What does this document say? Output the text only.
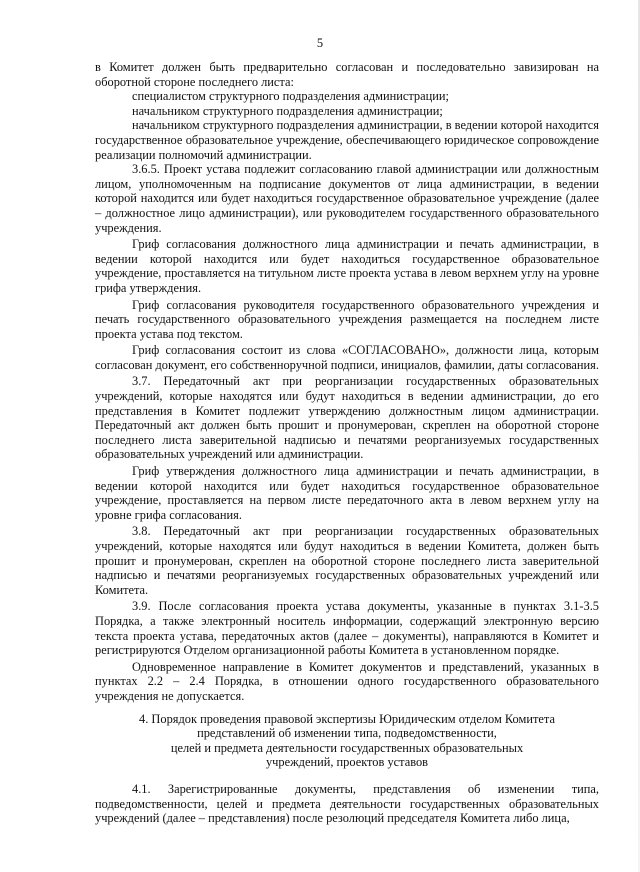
5

в Комитет должен быть предварительно согласован и последовательно завизирован на оборотной стороне последнего листа:

специалистом структурного подразделения администрации;

начальником структурного подразделения администрации;

начальником структурного подразделения администрации, в ведении которой находится государственное образовательное учреждение, обеспечивающего юридическое сопровождение реализации полномочий администрации.

3.6.5. Проект устава подлежит согласованию главой администрации или должностным лицом, уполномоченным на подписание документов от лица администрации, в ведении которой находится или будет находиться государственное образовательное учреждение (далее – должностное лицо администрации), или руководителем государственного образовательного учреждения.

Гриф согласования должностного лица администрации и печать администрации, в ведении которой находится или будет находиться государственное образовательное учреждение, проставляется на титульном листе проекта устава в левом верхнем углу на уровне грифа утверждения.

Гриф согласования руководителя государственного образовательного учреждения и печать государственного образовательного учреждения размещается на последнем листе проекта устава под текстом.

Гриф согласования состоит из слова «СОГЛАСОВАНО», должности лица, которым согласован документ, его собственноручной подписи, инициалов, фамилии, даты согласования.

3.7. Передаточный акт при реорганизации государственных образовательных учреждений, которые находятся или будут находиться в ведении администрации, до его представления в Комитет подлежит утверждению должностным лицом администрации. Передаточный акт должен быть прошит и пронумерован, скреплен на оборотной стороне последнего листа заверительной надписью и печатями реорганизуемых государственных образовательных учреждений или администрации.

Гриф утверждения должностного лица администрации и печать администрации, в ведении которой находится или будет находиться государственное образовательное учреждение, проставляется на первом листе передаточного акта в левом верхнем углу на уровне грифа согласования.

3.8. Передаточный акт при реорганизации государственных образовательных учреждений, которые находятся или будут находиться в ведении Комитета, должен быть прошит и пронумерован, скреплен на оборотной стороне последнего листа заверительной надписью и печатями реорганизуемых государственных образовательных учреждений или Комитета.

3.9. После согласования проекта устава документы, указанные в пунктах 3.1-3.5 Порядка, а также электронный носитель информации, содержащий электронную версию текста проекта устава, передаточных актов (далее – документы), направляются в Комитет и регистрируются Отделом организационной работы Комитета в установленном порядке.

Одновременное направление в Комитет документов и представлений, указанных в пунктах 2.2 – 2.4 Порядка, в отношении одного государственного образовательного учреждения не допускается.

4. Порядок проведения правовой экспертизы Юридическим отделом Комитета
представлений об изменении типа, подведомственности,
целей и предмета деятельности государственных образовательных
учреждений, проектов уставов

4.1. Зарегистрированные документы, представления об изменении типа, подведомственности, целей и предмета деятельности государственных образовательных учреждений (далее – представления) после резолюций председателя Комитета либо лица,
